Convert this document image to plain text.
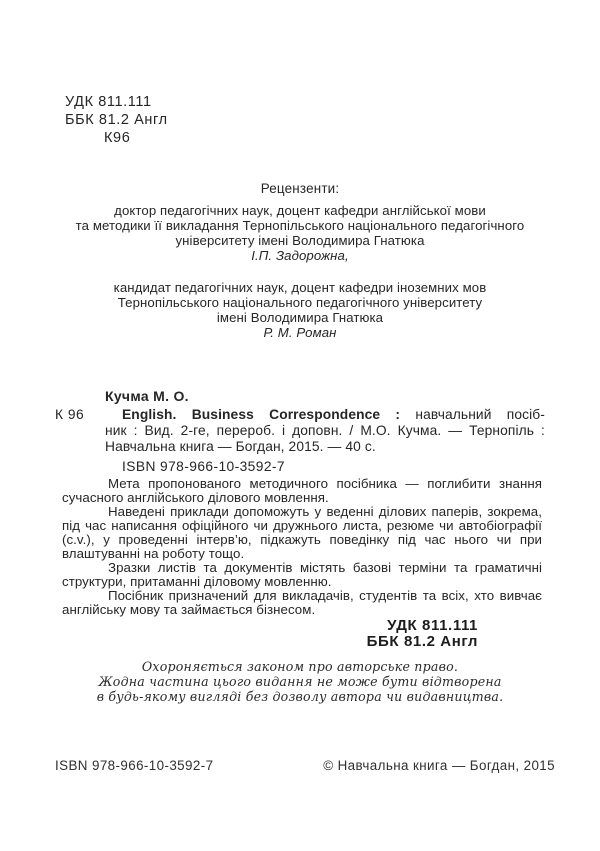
УДК 811.111
ББК 81.2 Англ
К96
Рецензенти:
доктор педагогічних наук, доцент кафедри англійської мови
та методики її викладання Тернопільського національного педагогічного
університету імені Володимира Гнатюка
І.П. Задорожна,
кандидат педагогічних наук, доцент кафедри іноземних мов
Тернопільського національного педагогічного університету
імені Володимира Гнатюка
Р. М. Роман
Кучма М. О.
К 96	English. Business Correspondence : навчальний посіб-
ник : Вид. 2-ге, перероб. і доповн. / М.О. Кучма. — Тернопіль :
Навчальна книга — Богдан, 2015. — 40 с.
ISBN 978-966-10-3592-7

Мета пропонованого методичного посібника — поглибити знання сучасного англійського ділового мовлення.

Наведені приклади допоможуть у веденні ділових паперів, зокрема, під час написання офіційного чи дружнього листа, резюме чи автобіографії (c.v.), у проведенні інтерв’ю, підкажуть поведінку під час нього чи при влаштуванні на роботу тощо.

Зразки листів та документів містять базові терміни та граматичні структури, притаманні діловому мовленню.

Посібник призначений для викладачів, студентів та всіх, хто вивчає англійську мову та займається бізнесом.

УДК 811.111
ББК 81.2 Англ
Охороняється законом про авторське право.
Жодна частина цього видання не може бути відтворена
в будь-якому вигляді без дозволу автора чи видавництва.
ISBN 978-966-10-3592-7	© Навчальна книга — Богдан, 2015
